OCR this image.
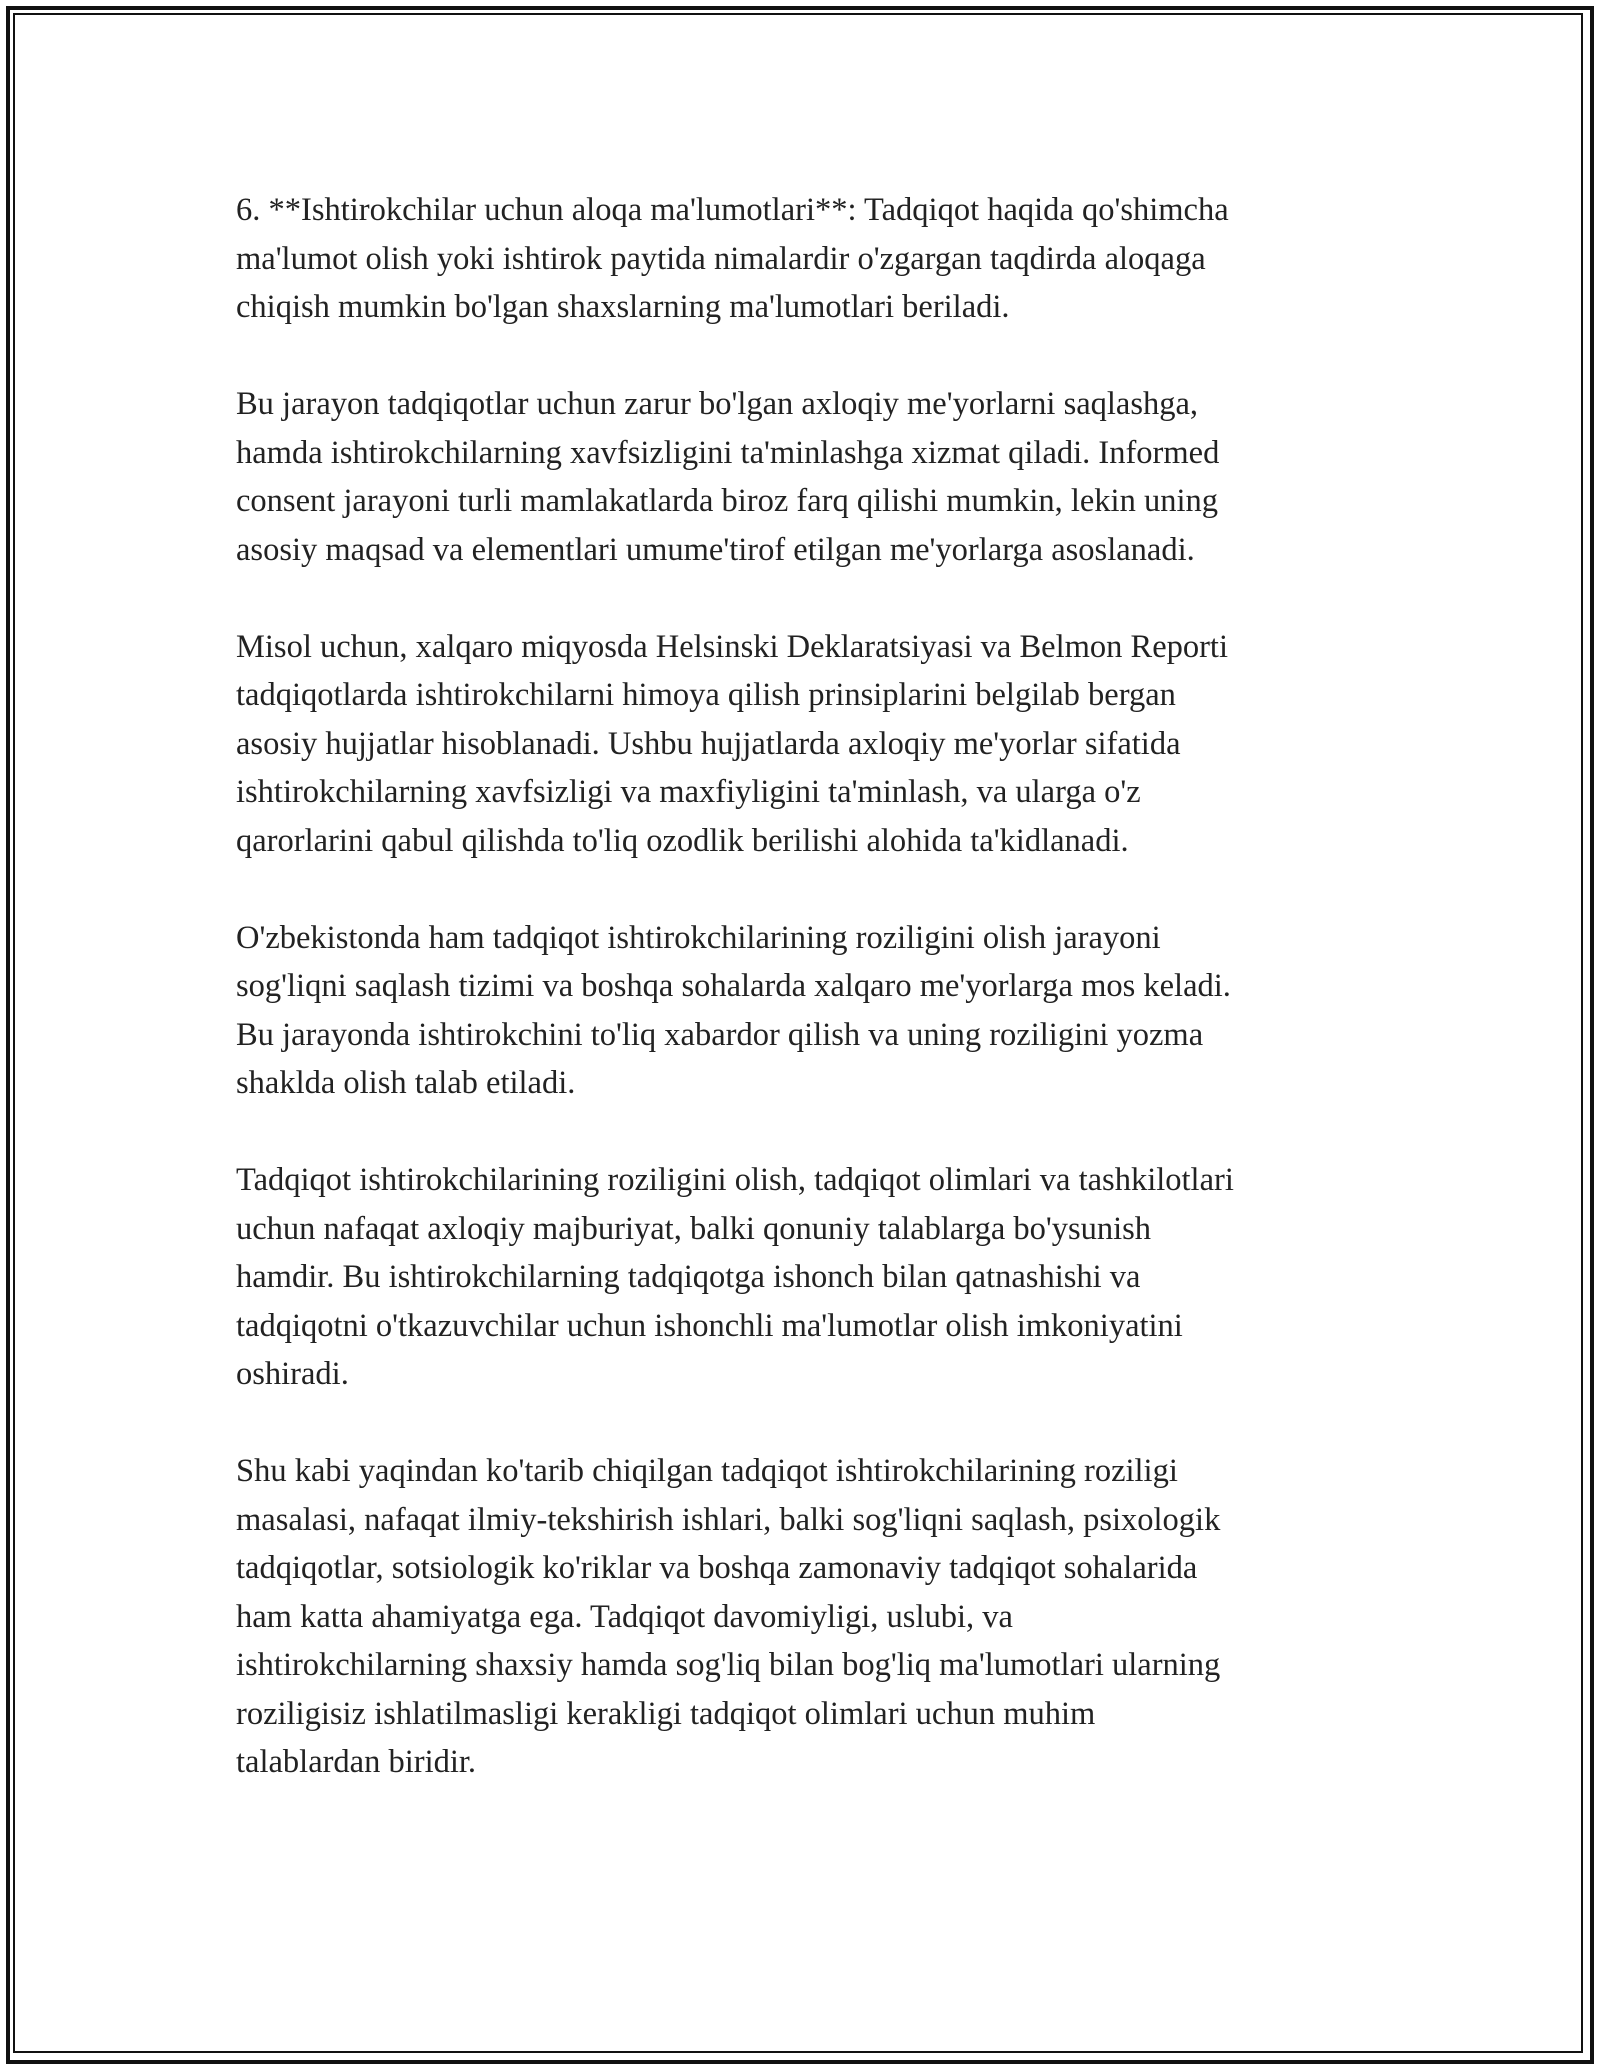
6. **Ishtirokchilar uchun aloqa ma'lumotlari**: Tadqiqot haqida qo'shimcha
ma'lumot olish yoki ishtirok paytida nimalardir o'zgargan taqdirda aloqaga
chiqish mumkin bo'lgan shaxslarning ma'lumotlari beriladi.

Bu jarayon tadqiqotlar uchun zarur bo'lgan axloqiy me'yorlarni saqlashga,
hamda ishtirokchilarning xavfsizligini ta'minlashga xizmat qiladi. Informed
consent jarayoni turli mamlakatlarda biroz farq qilishi mumkin, lekin uning
asosiy maqsad va elementlari umume'tirof etilgan me'yorlarga asoslanadi.

Misol uchun, xalqaro miqyosda Helsinski Deklaratsiyasi va Belmon Reporti
tadqiqotlarda ishtirokchilarni himoya qilish prinsiplarini belgilab bergan
asosiy hujjatlar hisoblanadi. Ushbu hujjatlarda axloqiy me'yorlar sifatida
ishtirokchilarning xavfsizligi va maxfiyligini ta'minlash, va ularga o'z
qarorlarini qabul qilishda to'liq ozodlik berilishi alohida ta'kidlanadi.

O'zbekistonda ham tadqiqot ishtirokchilarining roziligini olish jarayoni
sog'liqni saqlash tizimi va boshqa sohalarda xalqaro me'yorlarga mos keladi.
Bu jarayonda ishtirokchini to'liq xabardor qilish va uning roziligini yozma
shaklda olish talab etiladi.

Tadqiqot ishtirokchilarining roziligini olish, tadqiqot olimlari va tashkilotlari
uchun nafaqat axloqiy majburiyat, balki qonuniy talablarga bo'ysunish
hamdir. Bu ishtirokchilarning tadqiqotga ishonch bilan qatnashishi va
tadqiqotni o'tkazuvchilar uchun ishonchli ma'lumotlar olish imkoniyatini
oshiradi.

Shu kabi yaqindan ko'tarib chiqilgan tadqiqot ishtirokchilarining roziligi
masalasi, nafaqat ilmiy-tekshirish ishlari, balki sog'liqni saqlash, psixologik
tadqiqotlar, sotsiologik ko'riklar va boshqa zamonaviy tadqiqot sohalarida
ham katta ahamiyatga ega. Tadqiqot davomiyligi, uslubi, va
ishtirokchilarning shaxsiy hamda sog'liq bilan bog'liq ma'lumotlari ularning
roziligisiz ishlatilmasligi kerakligi tadqiqot olimlari uchun muhim
talablardan biridir.
